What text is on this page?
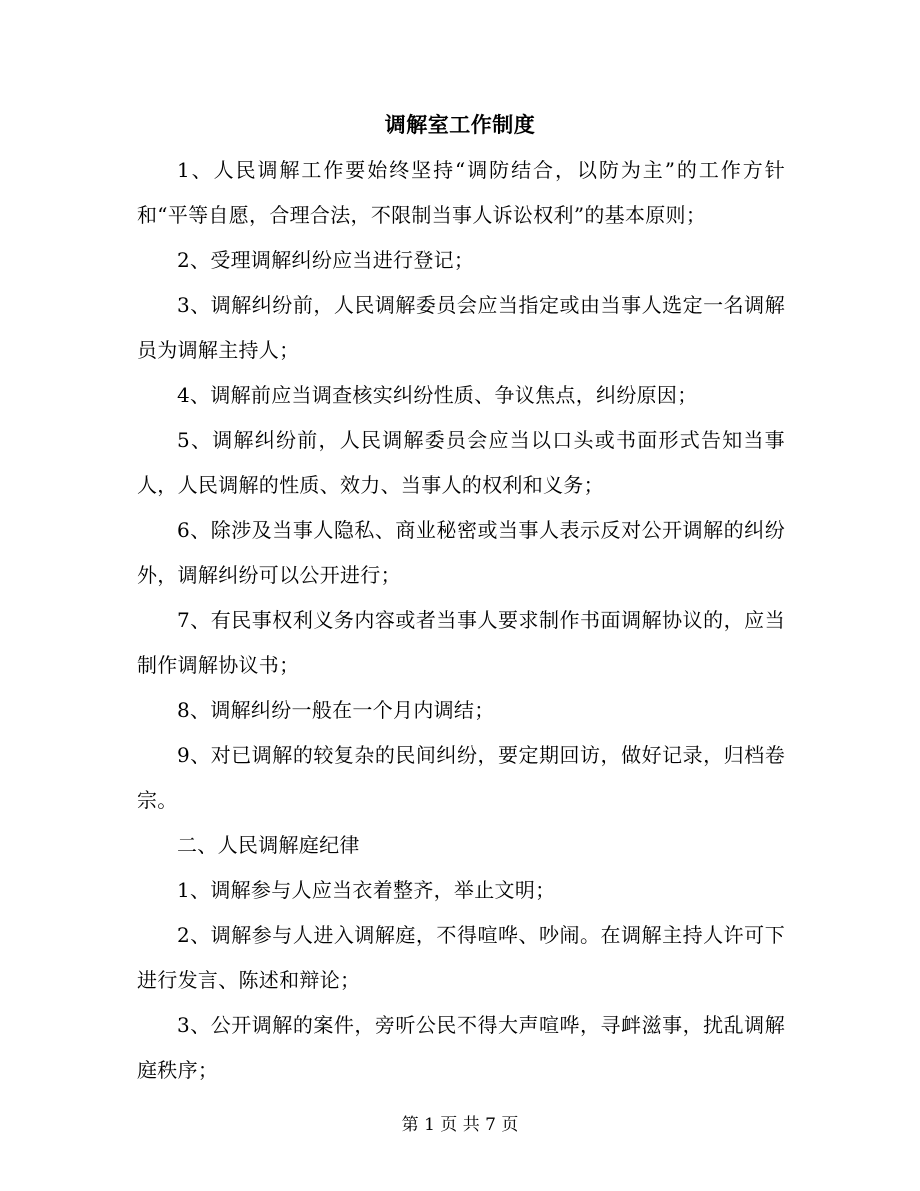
调解室工作制度

1、人民调解工作要始终坚持“调防结合，以防为主”的工作方针和“平等自愿，合理合法，不限制当事人诉讼权利”的基本原则；

2、受理调解纠纷应当进行登记；

3、调解纠纷前，人民调解委员会应当指定或由当事人选定一名调解员为调解主持人；

4、调解前应当调查核实纠纷性质、争议焦点，纠纷原因；

5、调解纠纷前，人民调解委员会应当以口头或书面形式告知当事人，人民调解的性质、效力、当事人的权利和义务；

6、除涉及当事人隐私、商业秘密或当事人表示反对公开调解的纠纷外，调解纠纷可以公开进行；

7、有民事权利义务内容或者当事人要求制作书面调解协议的，应当制作调解协议书；

8、调解纠纷一般在一个月内调结；

9、对已调解的较复杂的民间纠纷，要定期回访，做好记录，归档卷宗。

二、人民调解庭纪律

1、调解参与人应当衣着整齐，举止文明；

2、调解参与人进入调解庭，不得喧哗、吵闹。在调解主持人许可下进行发言、陈述和辩论；

3、公开调解的案件，旁听公民不得大声喧哗，寻衅滋事，扰乱调解庭秩序；

第 1 页 共 7 页
